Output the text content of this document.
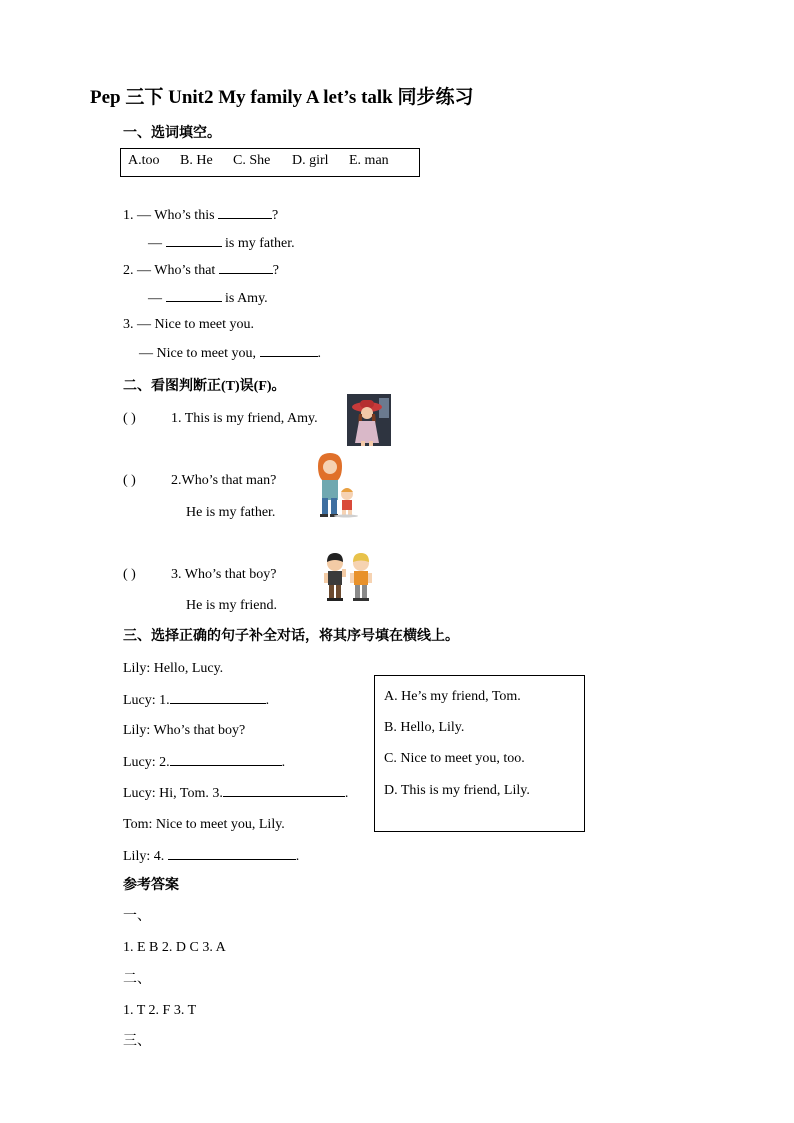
Pep 三下 Unit2 My family A let’s talk 同步练习
一、选词填空。
A.too B. He C. She D. girl E. man
1. — Who’s this	?
—	is my father.
2. — Who’s that	?
—	is Amy.
3. — Nice to meet you.
— Nice to meet you,	.
二、看图判断正(T)误(F)。
( )	1. This is my friend, Amy.
( )	2.Who’s that man?
He is my father.
( )	3. Who’s that boy?
He is my friend.
三、选择正确的句子补全对话，将其序号填在横线上。
Lily: Hello, Lucy.
Lucy: 1.	.
Lily: Who’s that boy?
Lucy: 2.	.
Lucy: Hi, Tom. 3.	.
Tom: Nice to meet you, Lily.
Lily: 4.	.
A. He’s my friend, Tom.
B. Hello, Lily.
C. Nice to meet you, too.
D. This is my friend, Lily.
参考答案
一、
1. E B 2. D C 3. A
二、
1. T 2. F 3. T
三、
